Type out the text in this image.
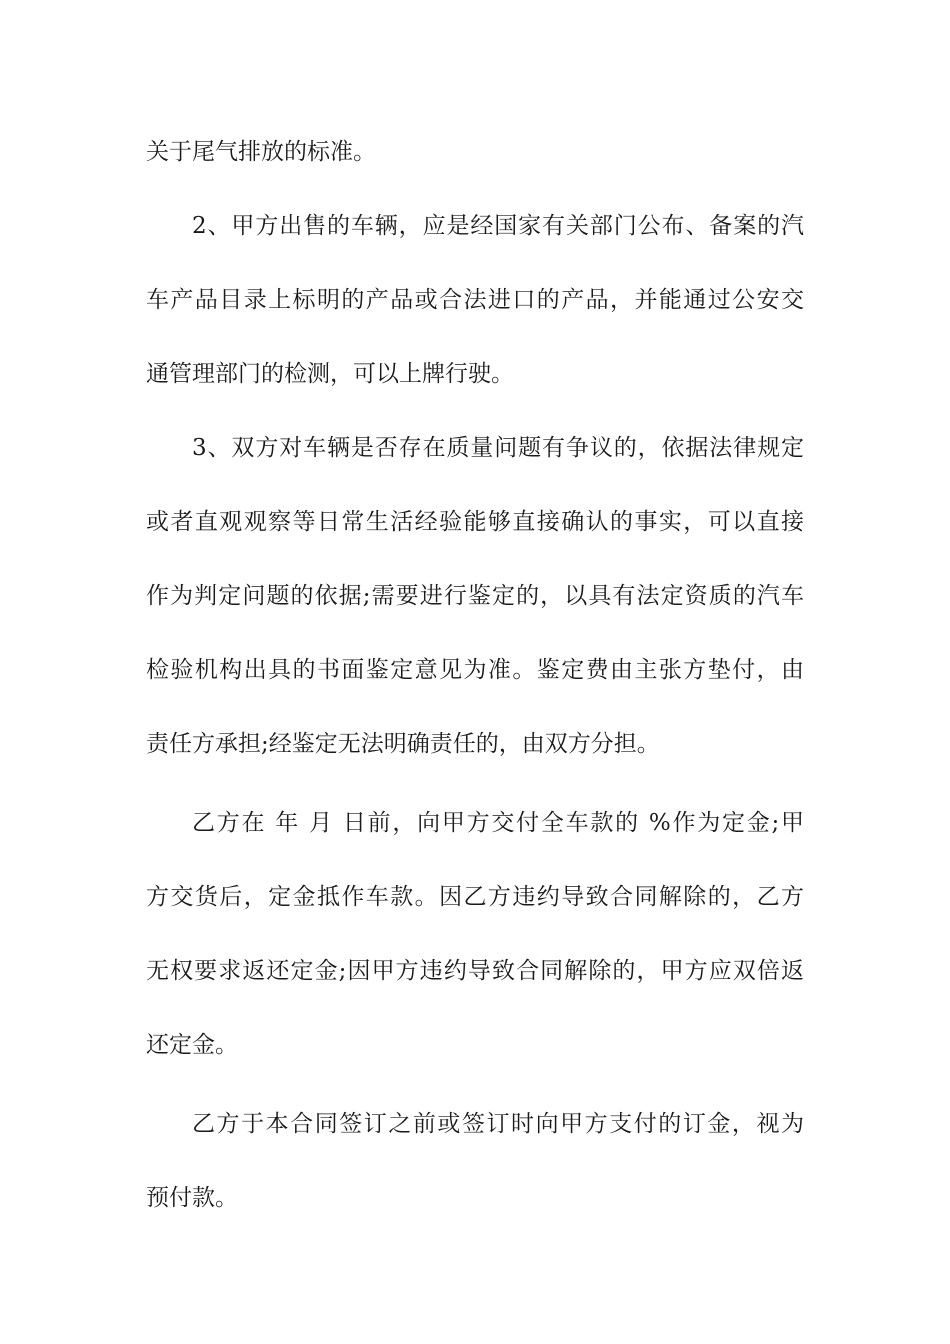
关于尾气排放的标准。
2、甲方出售的车辆，应是经国家有关部门公布、备案的汽
车产品目录上标明的产品或合法进口的产品，并能通过公安交
通管理部门的检测，可以上牌行驶。
3、双方对车辆是否存在质量问题有争议的，依据法律规定
或者直观观察等日常生活经验能够直接确认的事实，可以直接
作为判定问题的依据;需要进行鉴定的，以具有法定资质的汽车
检验机构出具的书面鉴定意见为准。鉴定费由主张方垫付，由
责任方承担;经鉴定无法明确责任的，由双方分担。
乙方在 年 月 日前，向甲方交付全车款的 %作为定金;甲
方交货后，定金抵作车款。因乙方违约导致合同解除的，乙方
无权要求返还定金;因甲方违约导致合同解除的，甲方应双倍返
还定金。
乙方于本合同签订之前或签订时向甲方支付的订金，视为
预付款。
